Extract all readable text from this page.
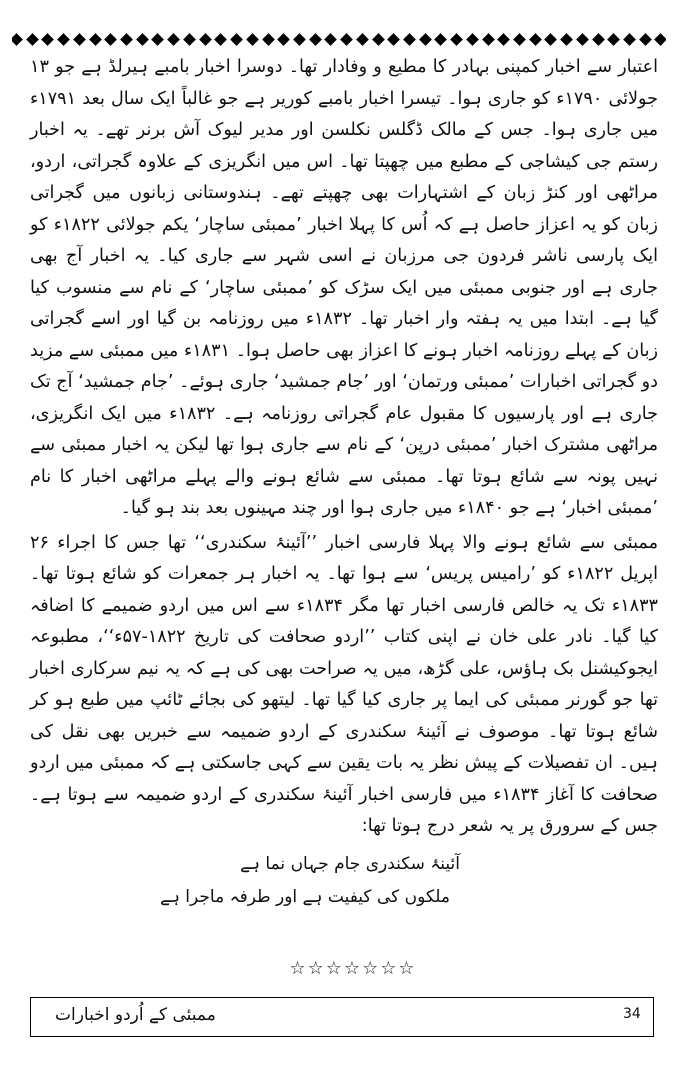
اعتبار سے اخبار کمپنی بہادر کا مطیع و وفادار تھا۔ دوسرا اخبار بامبے ہیرلڈ ہے جو ۱۳ جولائی ۱۷۹۰ء کو جاری ہوا۔ تیسرا اخبار بامبے کوریر ہے جو غالباً ایک سال بعد ۱۷۹۱ء میں جاری ہوا۔ جس کے مالک ڈگلس نکلسن اور مدیر لیوک آش برنر تھے۔ یہ اخبار رستم جی کیشاجی کے مطبع میں چھپتا تھا۔ اس میں انگریزی کے علاوہ گجراتی، اردو، مراٹھی اور کنڑ زبان کے اشتہارات بھی چھپتے تھے۔ ہندوستانی زبانوں میں گجراتی زبان کو یہ اعزاز حاصل ہے کہ اُس کا پہلا اخبار ’ممبئی ساچار‘ یکم جولائی ۱۸۲۲ء کو ایک پارسی ناشر فردون جی مرزبان نے اسی شہر سے جاری کیا۔ یہ اخبار آج بھی جاری ہے اور جنوبی ممبئی میں ایک سڑک کو ’ممبئی ساچار‘ کے نام سے منسوب کیا گیا ہے۔ ابتدا میں یہ ہفتہ وار اخبار تھا۔ ۱۸۳۲ء میں روزنامہ بن گیا اور اسے گجراتی زبان کے پہلے روزنامہ اخبار ہونے کا اعزاز بھی حاصل ہوا۔ ۱۸۳۱ء میں ممبئی سے مزید دو گجراتی اخبارات ’ممبئی ورتمان‘ اور ’جام جمشید‘ جاری ہوئے۔ ’جام جمشید‘ آج تک جاری ہے اور پارسیوں کا مقبول عام گجراتی روزنامہ ہے۔ ۱۸۳۲ء میں ایک انگریزی، مراٹھی مشترک اخبار ’ممبئی درپن‘ کے نام سے جاری ہوا تھا لیکن یہ اخبار ممبئی سے نہیں پونہ سے شائع ہوتا تھا۔ ممبئی سے شائع ہونے والے پہلے مراٹھی اخبار کا نام ’ممبئی اخبار‘ ہے جو ۱۸۴۰ء میں جاری ہوا اور چند مہینوں بعد بند ہو گیا۔

ممبئی سے شائع ہونے والا پہلا فارسی اخبار ’’آئینۂ سکندری‘‘ تھا جس کا اجراء ۲۶ اپریل ۱۸۲۲ء کو ’رامیس پریس‘ سے ہوا تھا۔ یہ اخبار ہر جمعرات کو شائع ہوتا تھا۔ ۱۸۳۳ء تک یہ خالص فارسی اخبار تھا مگر ۱۸۳۴ء سے اس میں اردو ضمیمے کا اضافہ کیا گیا۔ نادر علی خان نے اپنی کتاب ’’اردو صحافت کی تاریخ ۱۸۲۲-۵۷ء‘‘، مطبوعہ ایجوکیشنل بک ہاؤس، علی گڑھ، میں یہ صراحت بھی کی ہے کہ یہ نیم سرکاری اخبار تھا جو گورنر ممبئی کی ایما پر جاری کیا گیا تھا۔ لیتھو کی بجائے ٹائپ میں طبع ہو کر شائع ہوتا تھا۔ موصوف نے آئینۂ سکندری کے اردو ضمیمہ سے خبریں بھی نقل کی ہیں۔ ان تفصیلات کے پیش نظر یہ بات یقین سے کہی جاسکتی ہے کہ ممبئی میں اردو صحافت کا آغاز ۱۸۳۴ء میں فارسی اخبار آئینۂ سکندری کے اردو ضمیمہ سے ہوتا ہے۔ جس کے سرورق پر یہ شعر درج ہوتا تھا:

آئینۂ سکندری جام جہاں نما ہے
ملکوں کی کیفیت ہے اور طرفہ ماجرا ہے
☆☆☆☆☆☆☆
ممبئی کے اُردو اخبارات	34
